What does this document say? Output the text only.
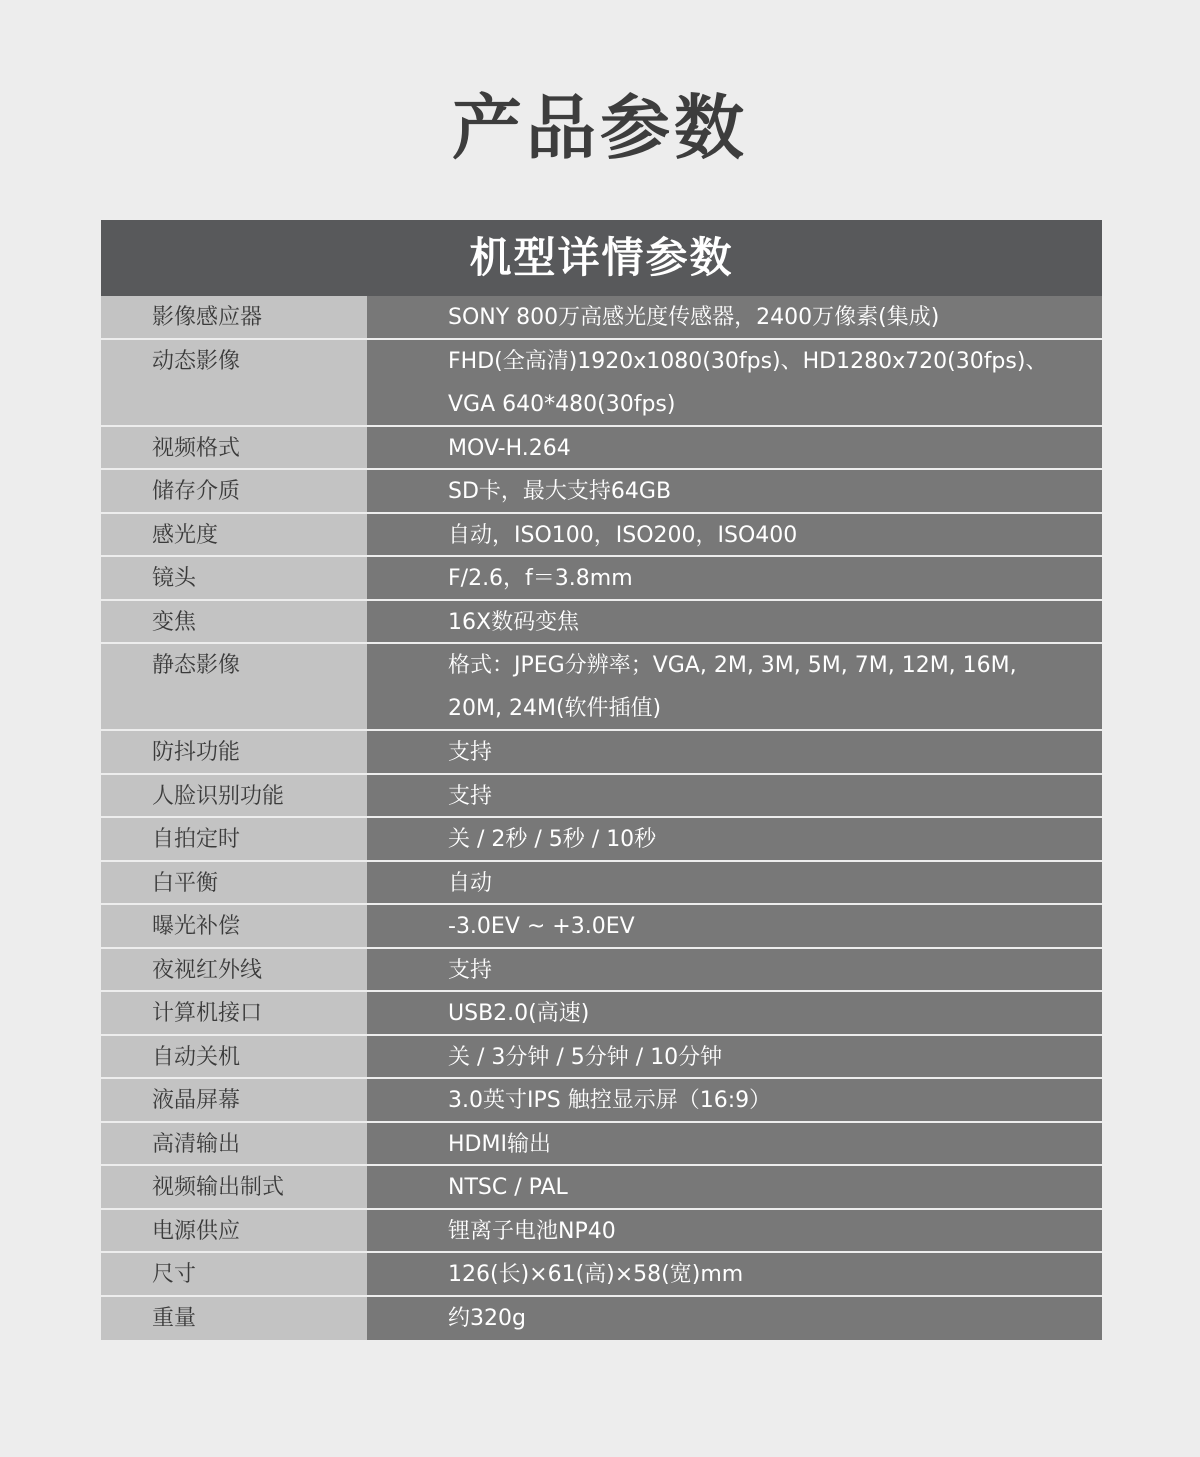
产品参数
机型详情参数
影像感应器	SONY 800万高感光度传感器，2400万像素(集成)
动态影像	FHD(全高清)1920x1080(30fps)、HD1280x720(30fps)、
VGA 640*480(30fps)
视频格式	MOV-H.264
储存介质	SD卡，最大支持64GB
感光度	自动，ISO100，ISO200，ISO400
镜头	F/2.6，f＝3.8mm
变焦	16X数码变焦
静态影像	格式：JPEG分辨率；VGA, 2M, 3M, 5M, 7M, 12M, 16M,
20M, 24M(软件插值)
防抖功能	支持
人脸识别功能	支持
自拍定时	关 / 2秒 / 5秒 / 10秒
白平衡	自动
曝光补偿	-3.0EV ~ +3.0EV
夜视红外线	支持
计算机接口	USB2.0(高速)
自动关机	关 / 3分钟 / 5分钟 / 10分钟
液晶屏幕	3.0英寸IPS 触控显示屏（16:9）
高清输出	HDMI输出
视频输出制式	NTSC / PAL
电源供应	锂离子电池NP40
尺寸	126(长)×61(高)×58(宽)mm
重量	约320g
